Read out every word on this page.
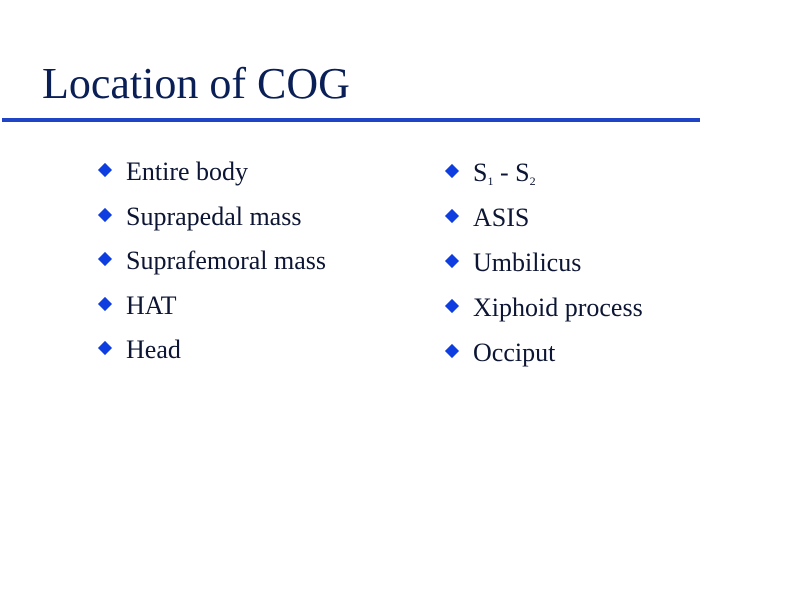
Location of COG
Entire body
Suprapedal mass
Suprafemoral mass
HAT
Head
$S_1 - S_2$
ASIS
Umbilicus
Xiphoid process
Occiput
